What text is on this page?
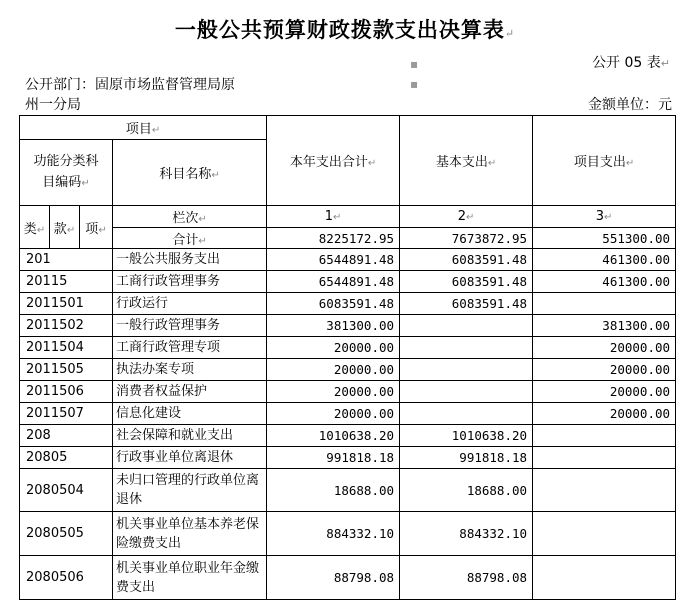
一般公共预算财政拨款支出决算表↵
▪
▪
公开 05 表↵
公开部门：固原市场监督管理局原
州一分局	金额单位：元
项目↵				本年支出合计↵	基本支出↵	项目支出↵
功能分类科目编码↵			科目名称↵			

类↵	款↵	项↵	栏次↵	1↵	2↵	3↵
			合计↵	8225172.95	7673872.95	551300.00
201			一般公共服务支出	6544891.48	6083591.48	461300.00
20115			工商行政管理事务	6544891.48	6083591.48	461300.00
2011501			行政运行	6083591.48	6083591.48	
2011502			一般行政管理事务	381300.00		381300.00
2011504			工商行政管理专项	20000.00		20000.00
2011505			执法办案专项	20000.00		20000.00
2011506			消费者权益保护	20000.00		20000.00
2011507			信息化建设	20000.00		20000.00
208			社会保障和就业支出	1010638.20	1010638.20	
20805			行政事业单位离退休	991818.18	991818.18	
2080504			未归口管理的行政单位离退休	18688.00	18688.00	
2080505			机关事业单位基本养老保险缴费支出	884332.10	884332.10	
2080506			机关事业单位职业年金缴费支出	88798.08	88798.08	
